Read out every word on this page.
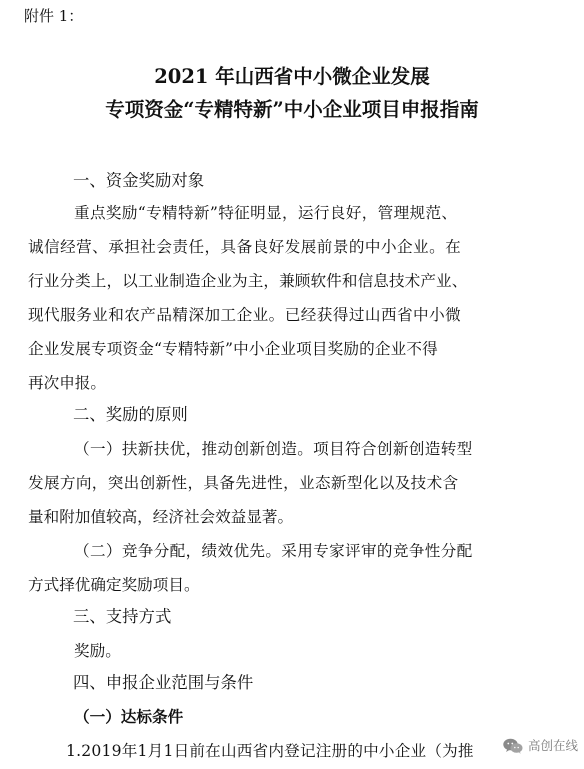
附件 1：
2021 年山西省中小微企业发展
专项资金“专精特新”中小企业项目申报指南
一、资金奖励对象
重点奖励“专精特新”特征明显，运行良好，管理规范、
诚信经营、承担社会责任，具备良好发展前景的中小企业。在
行业分类上，以工业制造企业为主，兼顾软件和信息技术产业、
现代服务业和农产品精深加工企业。已经获得过山西省中小微
企业发展专项资金“专精特新”中小企业项目奖励的企业不得
再次申报。
二、奖励的原则
（一）扶新扶优，推动创新创造。项目符合创新创造转型
发展方向，突出创新性，具备先进性，业态新型化以及技术含
量和附加值较高，经济社会效益显著。
（二）竞争分配，绩效优先。采用专家评审的竞争性分配
方式择优确定奖励项目。
三、支持方式
奖励。
四、申报企业范围与条件
（一）达标条件
1.2019年1月1日前在山西省内登记注册的中小企业（为推	高创在线
